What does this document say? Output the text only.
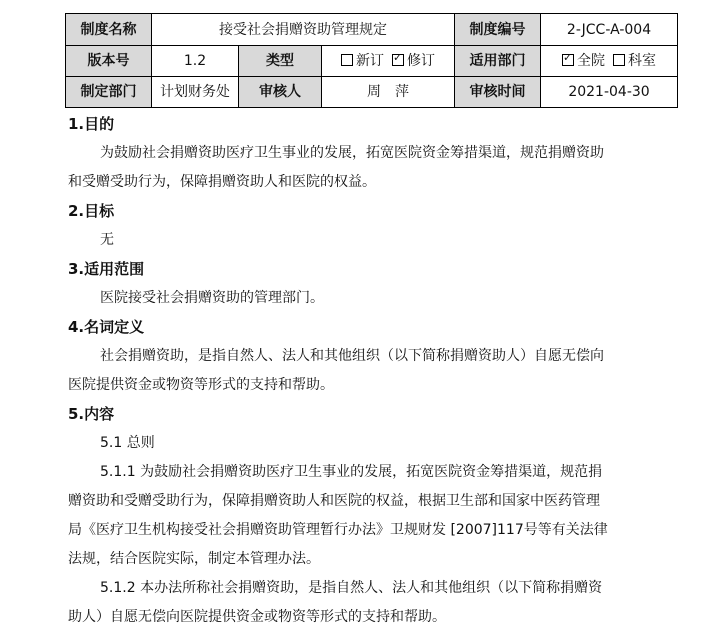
制度名称	接受社会捐赠资助管理规定			制度编号	2-JCC-A-004
版本号	1.2	类型	新订 ✓ 修订	适用部门	✓全院 科室
制定部门	计划财务处	审核人	周　萍	审核时间	2021-04-30
1.目的
为鼓励社会捐赠资助医疗卫生事业的发展，拓宽医院资金筹措渠道，规范捐赠资助
和受赠受助行为，保障捐赠资助人和医院的权益。
2.目标
无
3.适用范围
医院接受社会捐赠资助的管理部门。
4.名词定义
社会捐赠资助，是指自然人、法人和其他组织（以下简称捐赠资助人）自愿无偿向
医院提供资金或物资等形式的支持和帮助。
5.内容
5.1 总则
5.1.1 为鼓励社会捐赠资助医疗卫生事业的发展，拓宽医院资金筹措渠道，规范捐
赠资助和受赠受助行为，保障捐赠资助人和医院的权益，根据卫生部和国家中医药管理
局《医疗卫生机构接受社会捐赠资助管理暂行办法》卫规财发 [2007]117号等有关法律
法规，结合医院实际，制定本管理办法。
5.1.2 本办法所称社会捐赠资助，是指自然人、法人和其他组织（以下简称捐赠资
助人）自愿无偿向医院提供资金或物资等形式的支持和帮助。
